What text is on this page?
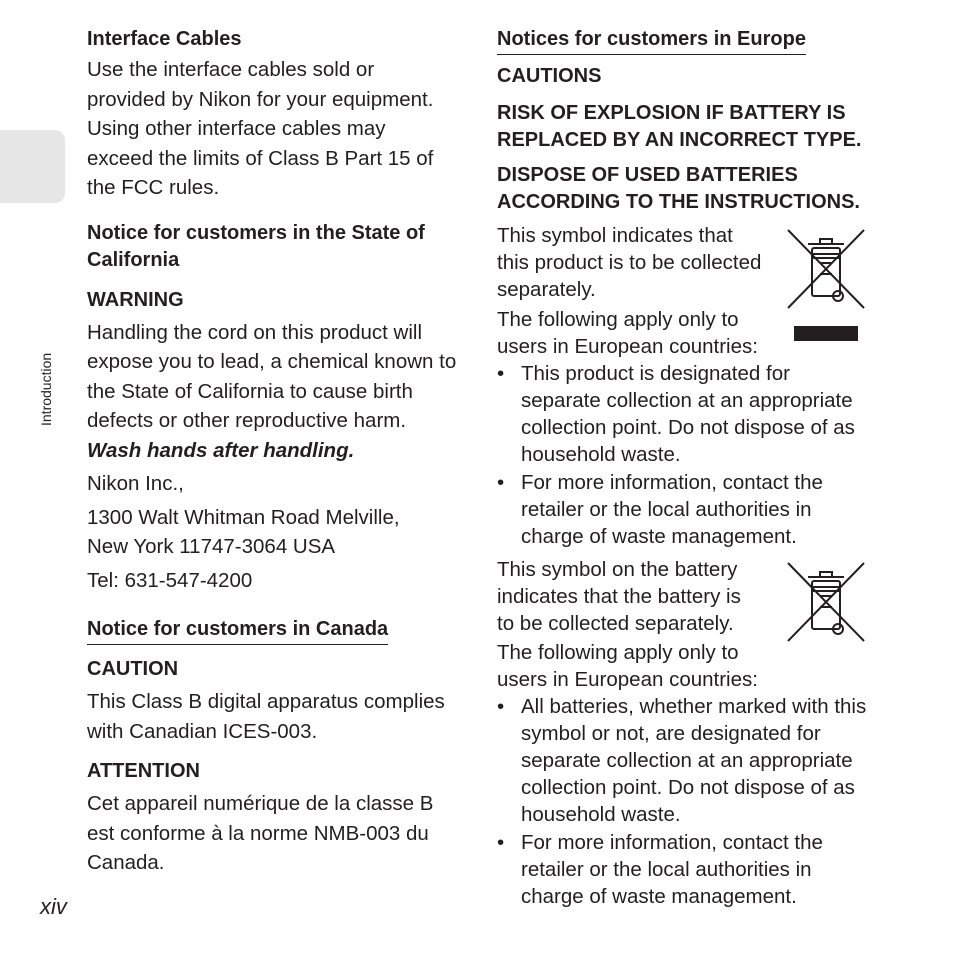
Introduction
Interface Cables

Use the interface cables sold or provided by Nikon for your equipment. Using other interface cables may exceed the limits of Class B Part 15 of the FCC rules.

Notice for customers in the State of California
WARNING

Handling the cord on this product will expose you to lead, a chemical known to the State of California to cause birth defects or other reproductive harm.

Wash hands after handling.

Nikon Inc.,

1300 Walt Whitman Road Melville,

New York 11747-3064 USA

Tel: 631-547-4200

Notice for customers in Canada
CAUTION

This Class B digital apparatus complies with Canadian ICES-003.

ATTENTION

Cet appareil numérique de la classe B est conforme à la norme NMB-003 du Canada.

Notices for customers in Europe
CAUTIONS
RISK OF EXPLOSION IF BATTERY IS REPLACED BY AN INCORRECT TYPE.
DISPOSE OF USED BATTERIES ACCORDING TO THE INSTRUCTIONS.

This symbol indicates that this product is to be collected separately.

The following apply only to users in European countries:

• This product is designated for separate collection at an appropriate collection point. Do not dispose of as household waste.
• For more information, contact the retailer or the local authorities in charge of waste management.

This symbol on the battery indicates that the battery is to be collected separately.

The following apply only to users in European countries:

• All batteries, whether marked with this symbol or not, are designated for separate collection at an appropriate collection point. Do not dispose of as household waste.
• For more information, contact the retailer or the local authorities in charge of waste management.
xiv
